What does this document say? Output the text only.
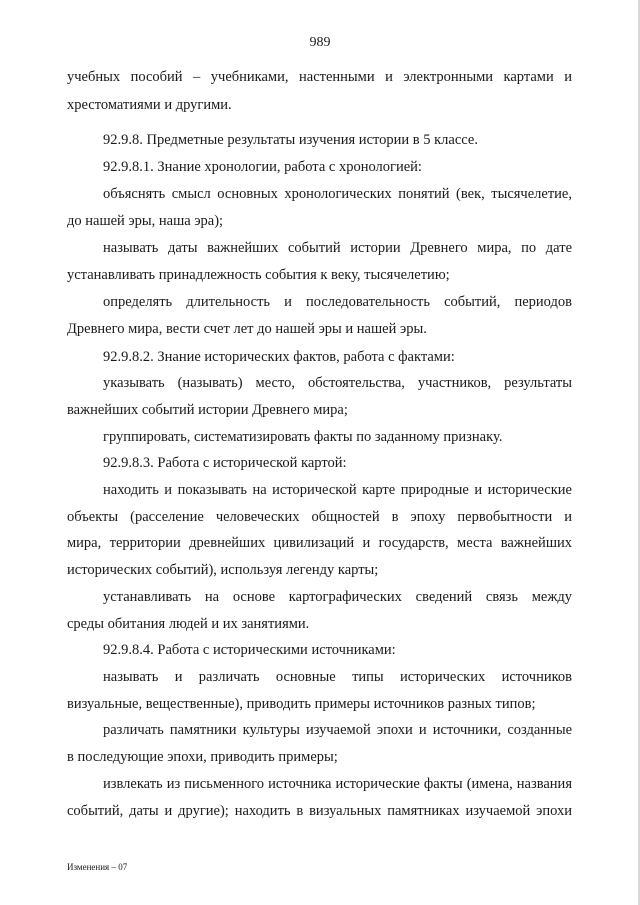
989
учебных пособий – учебниками, настенными и электронными картами и
хрестоматиями и другими.
92.9.8. Предметные результаты изучения истории в 5 классе.
92.9.8.1. Знание хронологии, работа с хронологией:
объяснять смысл основных хронологических понятий (век, тысячелетие,
до нашей эры, наша эра);
называть даты важнейших событий истории Древнего мира, по дате
устанавливать принадлежность события к веку, тысячелетию;
определять длительность и последовательность событий, периодов
Древнего мира, вести счет лет до нашей эры и нашей эры.
92.9.8.2. Знание исторических фактов, работа с фактами:
указывать (называть) место, обстоятельства, участников, результаты
важнейших событий истории Древнего мира;
группировать, систематизировать факты по заданному признаку.
92.9.8.3. Работа с исторической картой:
находить и показывать на исторической карте природные и исторические
объекты (расселение человеческих общностей в эпоху первобытности и
мира, территории древнейших цивилизаций и государств, места важнейших
исторических событий), используя легенду карты;
устанавливать на основе картографических сведений связь между
среды обитания людей и их занятиями.
92.9.8.4. Работа с историческими источниками:
называть и различать основные типы исторических источников
визуальные, вещественные), приводить примеры источников разных типов;
различать памятники культуры изучаемой эпохи и источники, созданные
в последующие эпохи, приводить примеры;
извлекать из письменного источника исторические факты (имена, названия
событий, даты и другие); находить в визуальных памятниках изучаемой эпохи
Изменения – 07
